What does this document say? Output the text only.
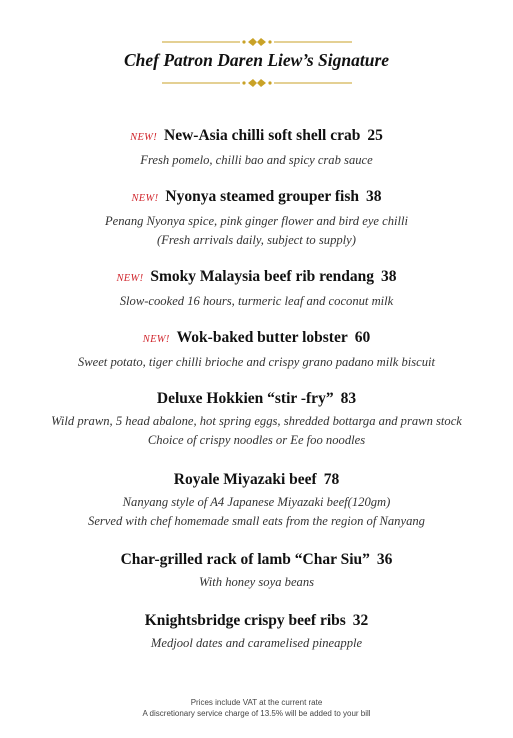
Chef Patron Daren Liew’s Signature
NEW! New-Asia chilli soft shell crab 25
Fresh pomelo, chilli bao and spicy crab sauce
NEW! Nyonya steamed grouper fish 38
Penang Nyonya spice, pink ginger flower and bird eye chilli
(Fresh arrivals daily, subject to supply)
NEW! Smoky Malaysia beef rib rendang 38
Slow-cooked 16 hours, turmeric leaf and coconut milk
NEW! Wok-baked butter lobster 60
Sweet potato, tiger chilli brioche and crispy grano padano milk biscuit
Deluxe Hokkien “stir -fry” 83
Wild prawn, 5 head abalone, hot spring eggs, shredded bottarga and prawn stock
Choice of crispy noodles or Ee foo noodles
Royale Miyazaki beef 78
Nanyang style of A4 Japanese Miyazaki beef(120gm)
Served with chef homemade small eats from the region of Nanyang
Char-grilled rack of lamb “Char Siu” 36
With honey soya beans
Knightsbridge crispy beef ribs 32
Medjool dates and caramelised pineapple
Prices include VAT at the current rate
A discretionary service charge of 13.5% will be added to your bill
